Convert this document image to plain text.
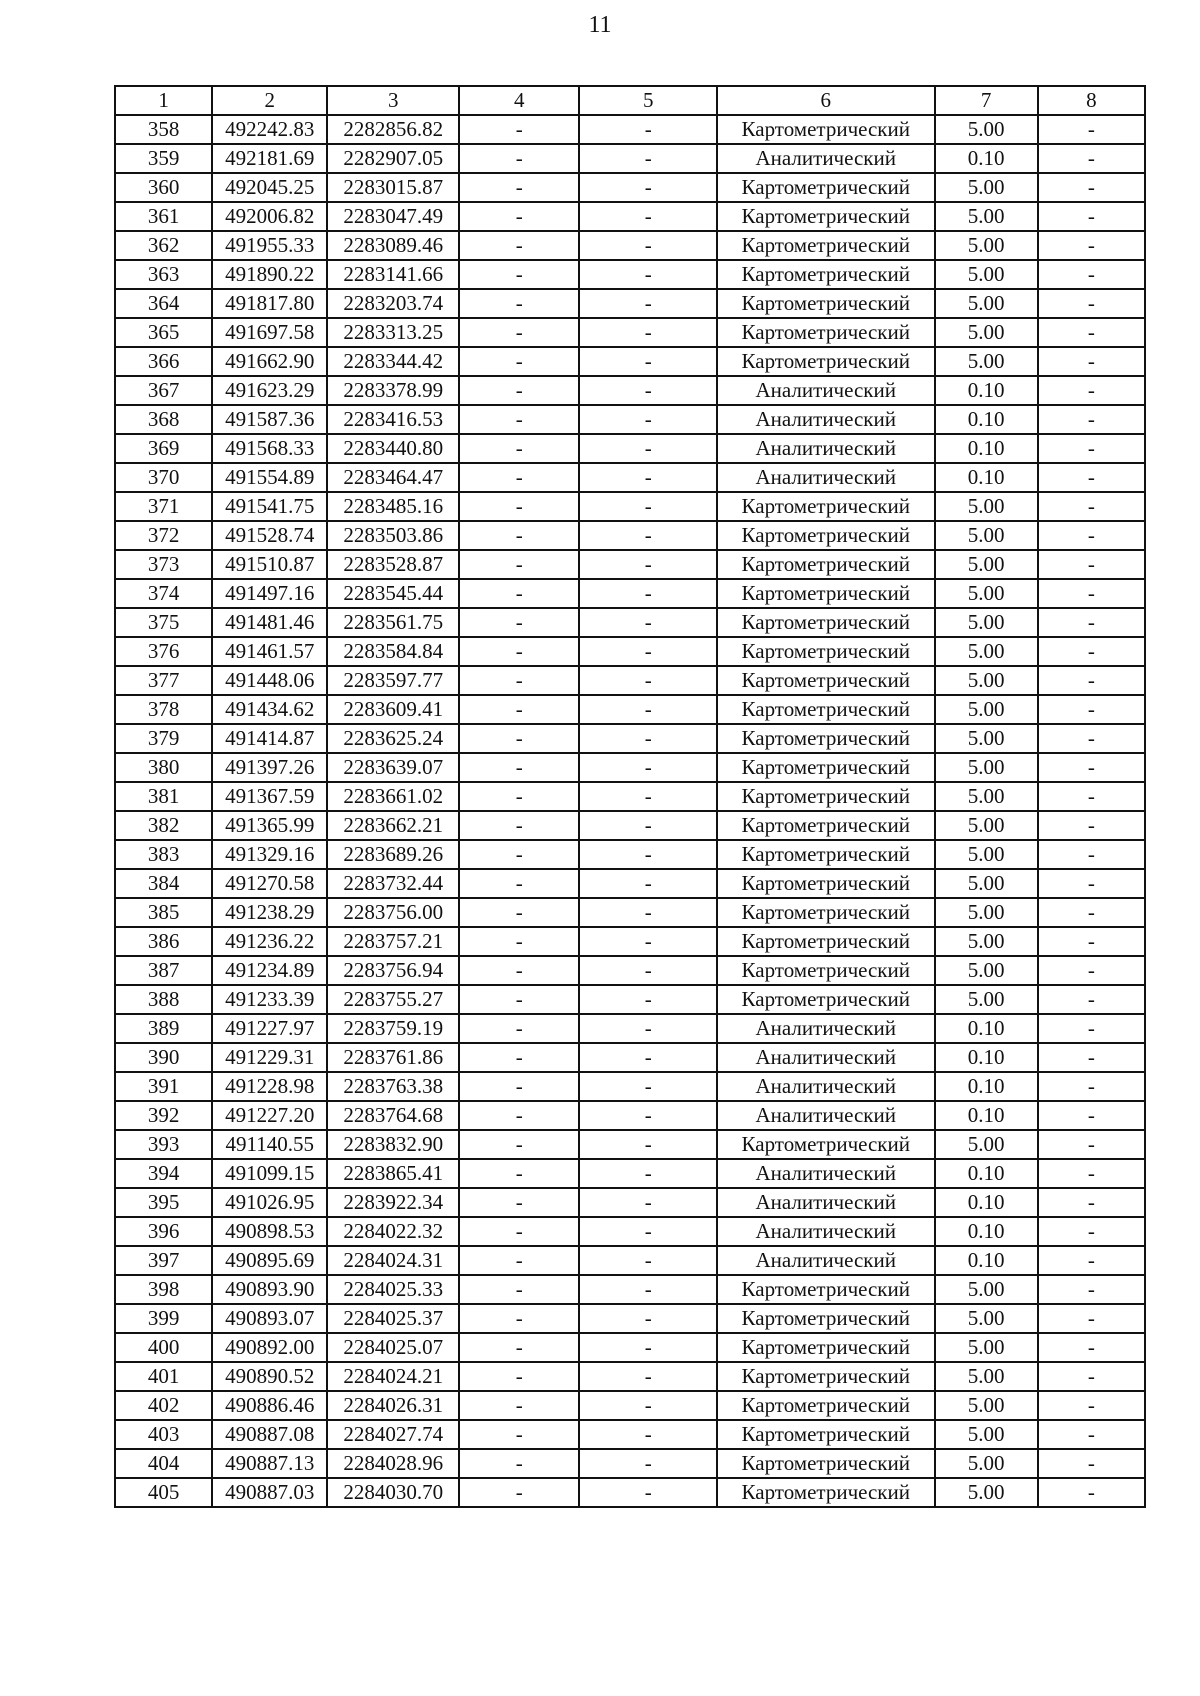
11
1	2	3	4	5	6	7	8
358	492242.83	2282856.82	-	-	Картометрический	5.00	-
359	492181.69	2282907.05	-	-	Аналитический	0.10	-
360	492045.25	2283015.87	-	-	Картометрический	5.00	-
361	492006.82	2283047.49	-	-	Картометрический	5.00	-
362	491955.33	2283089.46	-	-	Картометрический	5.00	-
363	491890.22	2283141.66	-	-	Картометрический	5.00	-
364	491817.80	2283203.74	-	-	Картометрический	5.00	-
365	491697.58	2283313.25	-	-	Картометрический	5.00	-
366	491662.90	2283344.42	-	-	Картометрический	5.00	-
367	491623.29	2283378.99	-	-	Аналитический	0.10	-
368	491587.36	2283416.53	-	-	Аналитический	0.10	-
369	491568.33	2283440.80	-	-	Аналитический	0.10	-
370	491554.89	2283464.47	-	-	Аналитический	0.10	-
371	491541.75	2283485.16	-	-	Картометрический	5.00	-
372	491528.74	2283503.86	-	-	Картометрический	5.00	-
373	491510.87	2283528.87	-	-	Картометрический	5.00	-
374	491497.16	2283545.44	-	-	Картометрический	5.00	-
375	491481.46	2283561.75	-	-	Картометрический	5.00	-
376	491461.57	2283584.84	-	-	Картометрический	5.00	-
377	491448.06	2283597.77	-	-	Картометрический	5.00	-
378	491434.62	2283609.41	-	-	Картометрический	5.00	-
379	491414.87	2283625.24	-	-	Картометрический	5.00	-
380	491397.26	2283639.07	-	-	Картометрический	5.00	-
381	491367.59	2283661.02	-	-	Картометрический	5.00	-
382	491365.99	2283662.21	-	-	Картометрический	5.00	-
383	491329.16	2283689.26	-	-	Картометрический	5.00	-
384	491270.58	2283732.44	-	-	Картометрический	5.00	-
385	491238.29	2283756.00	-	-	Картометрический	5.00	-
386	491236.22	2283757.21	-	-	Картометрический	5.00	-
387	491234.89	2283756.94	-	-	Картометрический	5.00	-
388	491233.39	2283755.27	-	-	Картометрический	5.00	-
389	491227.97	2283759.19	-	-	Аналитический	0.10	-
390	491229.31	2283761.86	-	-	Аналитический	0.10	-
391	491228.98	2283763.38	-	-	Аналитический	0.10	-
392	491227.20	2283764.68	-	-	Аналитический	0.10	-
393	491140.55	2283832.90	-	-	Картометрический	5.00	-
394	491099.15	2283865.41	-	-	Аналитический	0.10	-
395	491026.95	2283922.34	-	-	Аналитический	0.10	-
396	490898.53	2284022.32	-	-	Аналитический	0.10	-
397	490895.69	2284024.31	-	-	Аналитический	0.10	-
398	490893.90	2284025.33	-	-	Картометрический	5.00	-
399	490893.07	2284025.37	-	-	Картометрический	5.00	-
400	490892.00	2284025.07	-	-	Картометрический	5.00	-
401	490890.52	2284024.21	-	-	Картометрический	5.00	-
402	490886.46	2284026.31	-	-	Картометрический	5.00	-
403	490887.08	2284027.74	-	-	Картометрический	5.00	-
404	490887.13	2284028.96	-	-	Картометрический	5.00	-
405	490887.03	2284030.70	-	-	Картометрический	5.00	-
